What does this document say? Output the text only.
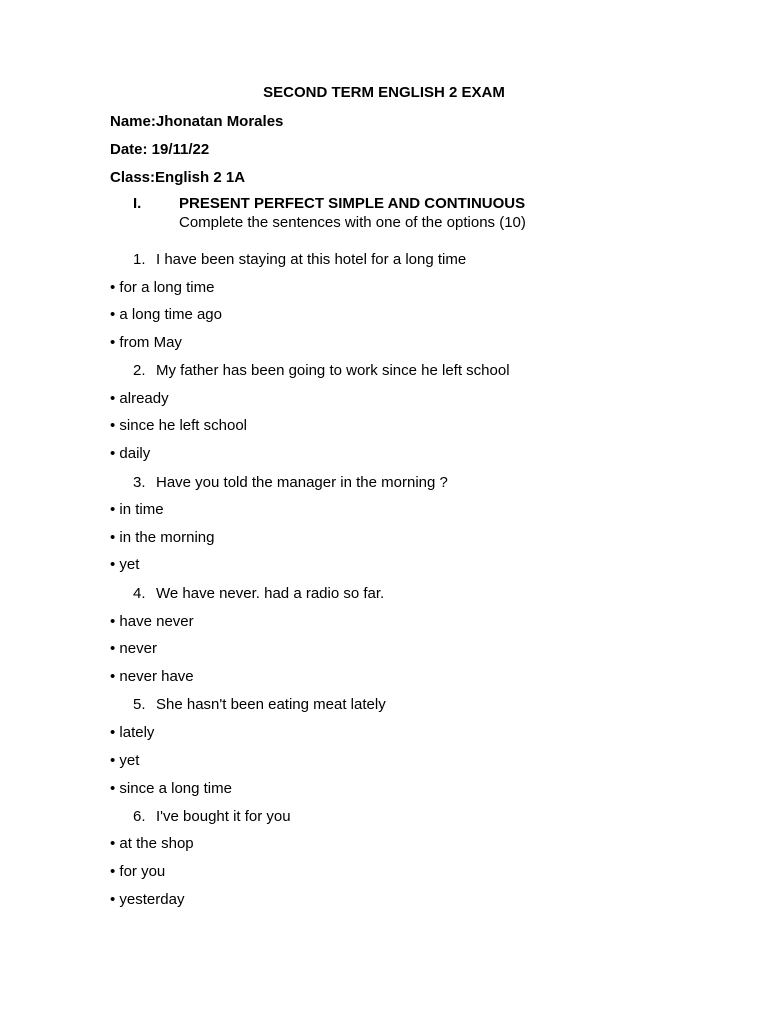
SECOND TERM ENGLISH 2 EXAM
Name:Jhonatan Morales
Date: 19/11/22
Class:English 2 1A
I.	PRESENT PERFECT SIMPLE AND CONTINUOUS
Complete the sentences with one of the options (10)
1. I have been staying at this hotel for a long time
• for a long time
• a long time ago
• from May
2. My father has been going to work since he left school
• already
• since he left school
• daily
3. Have you told the manager in the morning ?
• in time
• in the morning
• yet
4. We have never. had a radio so far.
• have never
• never
• never have
5. She hasn't been eating meat lately
• lately
• yet
• since a long time
6. I've bought it for you
• at the shop
• for you
• yesterday
